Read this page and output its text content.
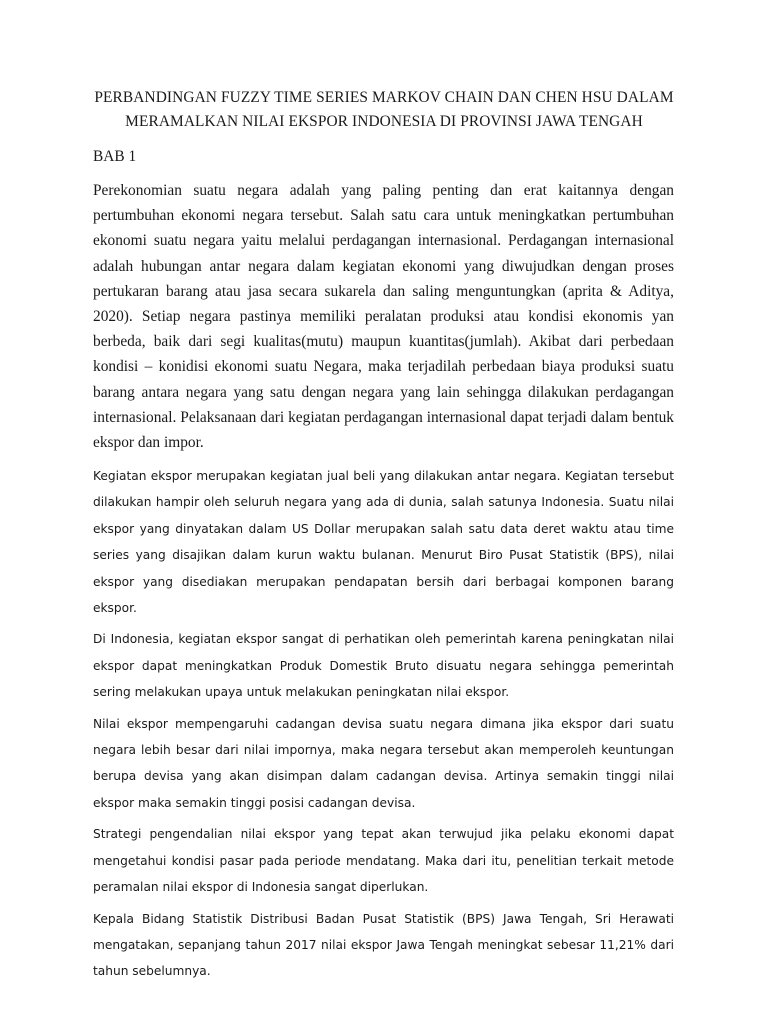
PERBANDINGAN FUZZY TIME SERIES MARKOV CHAIN DAN CHEN HSU DALAM
MERAMALKAN NILAI EKSPOR INDONESIA DI PROVINSI JAWA TENGAH
BAB 1

Perekonomian suatu negara adalah yang paling penting dan erat kaitannya dengan pertumbuhan ekonomi negara tersebut. Salah satu cara untuk meningkatkan pertumbuhan ekonomi suatu negara yaitu melalui perdagangan internasional. Perdagangan internasional adalah hubungan antar negara dalam kegiatan ekonomi yang diwujudkan dengan proses pertukaran barang atau jasa secara sukarela dan saling menguntungkan (aprita & Aditya, 2020). Setiap negara pastinya memiliki peralatan produksi atau kondisi ekonomis yan berbeda, baik dari segi kualitas(mutu) maupun kuantitas(jumlah). Akibat dari perbedaan kondisi – konidisi ekonomi suatu Negara, maka terjadilah perbedaan biaya produksi suatu barang antara negara yang satu dengan negara yang lain sehingga dilakukan perdagangan internasional. Pelaksanaan dari kegiatan perdagangan internasional dapat terjadi dalam bentuk ekspor dan impor.

Kegiatan ekspor merupakan kegiatan jual beli yang dilakukan antar negara. Kegiatan tersebut dilakukan hampir oleh seluruh negara yang ada di dunia, salah satunya Indonesia. Suatu nilai ekspor yang dinyatakan dalam US Dollar merupakan salah satu data deret waktu atau time series yang disajikan dalam kurun waktu bulanan. Menurut Biro Pusat Statistik (BPS), nilai ekspor yang disediakan merupakan pendapatan bersih dari berbagai komponen barang ekspor.

Di Indonesia, kegiatan ekspor sangat di perhatikan oleh pemerintah karena peningkatan nilai ekspor dapat meningkatkan Produk Domestik Bruto disuatu negara sehingga pemerintah sering melakukan upaya untuk melakukan peningkatan nilai ekspor.

Nilai ekspor mempengaruhi cadangan devisa suatu negara dimana jika ekspor dari suatu negara lebih besar dari nilai impornya, maka negara tersebut akan memperoleh keuntungan berupa devisa yang akan disimpan dalam cadangan devisa. Artinya semakin tinggi nilai ekspor maka semakin tinggi posisi cadangan devisa.

Strategi pengendalian nilai ekspor yang tepat akan terwujud jika pelaku ekonomi dapat mengetahui kondisi pasar pada periode mendatang. Maka dari itu, penelitian terkait metode peramalan nilai ekspor di Indonesia sangat diperlukan.

Kepala Bidang Statistik Distribusi Badan Pusat Statistik (BPS) Jawa Tengah, Sri Herawati mengatakan, sepanjang tahun 2017 nilai ekspor Jawa Tengah meningkat sebesar 11,21% dari tahun sebelumnya.
